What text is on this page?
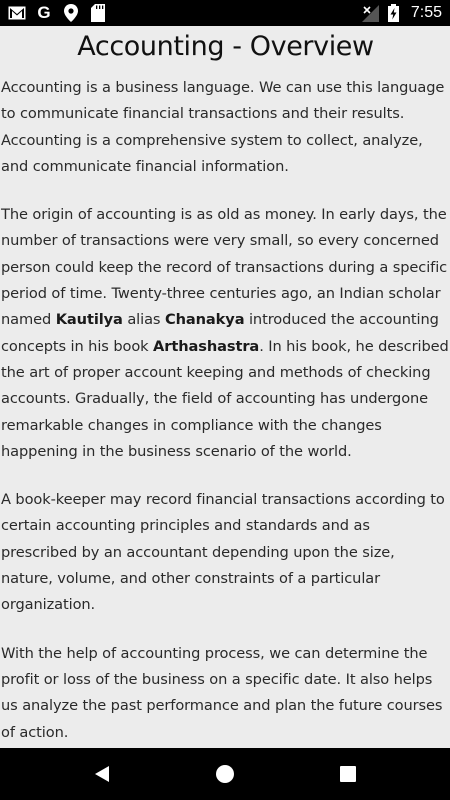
G	7:55
Accounting - Overview

Accounting is a business language. We can use this language to communicate financial transactions and their results. Accounting is a comprehensive system to collect, analyze, and communicate financial information.

The origin of accounting is as old as money. In early days, the number of transactions were very small, so every concerned person could keep the record of transactions during a specific period of time. Twenty-three centuries ago, an Indian scholar named Kautilya alias Chanakya introduced the accounting concepts in his book Arthashastra. In his book, he described the art of proper account keeping and methods of checking accounts. Gradually, the field of accounting has undergone remarkable changes in compliance with the changes happening in the business scenario of the world.

A book-keeper may record financial transactions according to certain accounting principles and standards and as prescribed by an accountant depending upon the size, nature, volume, and other constraints of a particular organization.

With the help of accounting process, we can determine the profit or loss of the business on a specific date. It also helps us analyze the past performance and plan the future courses of action.
